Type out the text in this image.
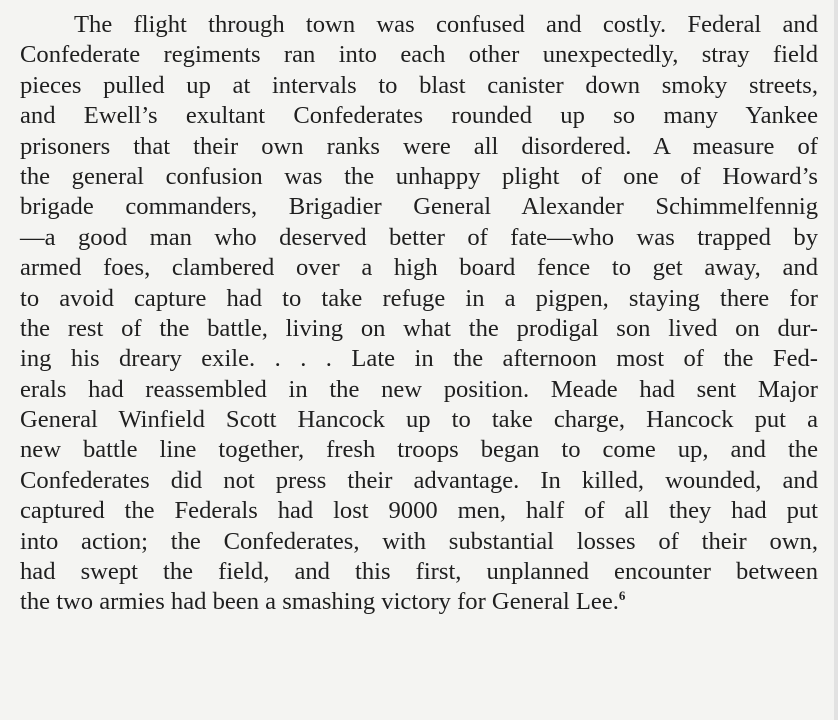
The flight through town was confused and costly. Federal and
Confederate regiments ran into each other unexpectedly, stray field
pieces pulled up at intervals to blast canister down smoky streets,
and Ewell’s exultant Confederates rounded up so many Yankee
prisoners that their own ranks were all disordered. A measure of
the general confusion was the unhappy plight of one of Howard’s
brigade commanders, Brigadier General Alexander Schimmelfennig
—a good man who deserved better of fate—who was trapped by
armed foes, clambered over a high board fence to get away, and
to avoid capture had to take refuge in a pigpen, staying there for
the rest of the battle, living on what the prodigal son lived on dur-
ing his dreary exile. . . . Late in the afternoon most of the Fed-
erals had reassembled in the new position. Meade had sent Major
General Winfield Scott Hancock up to take charge, Hancock put a
new battle line together, fresh troops began to come up, and the
Confederates did not press their advantage. In killed, wounded, and
captured the Federals had lost 9000 men, half of all they had put
into action; the Confederates, with substantial losses of their own,
had swept the field, and this first, unplanned encounter between
the two armies had been a smashing victory for General Lee.$^6$
